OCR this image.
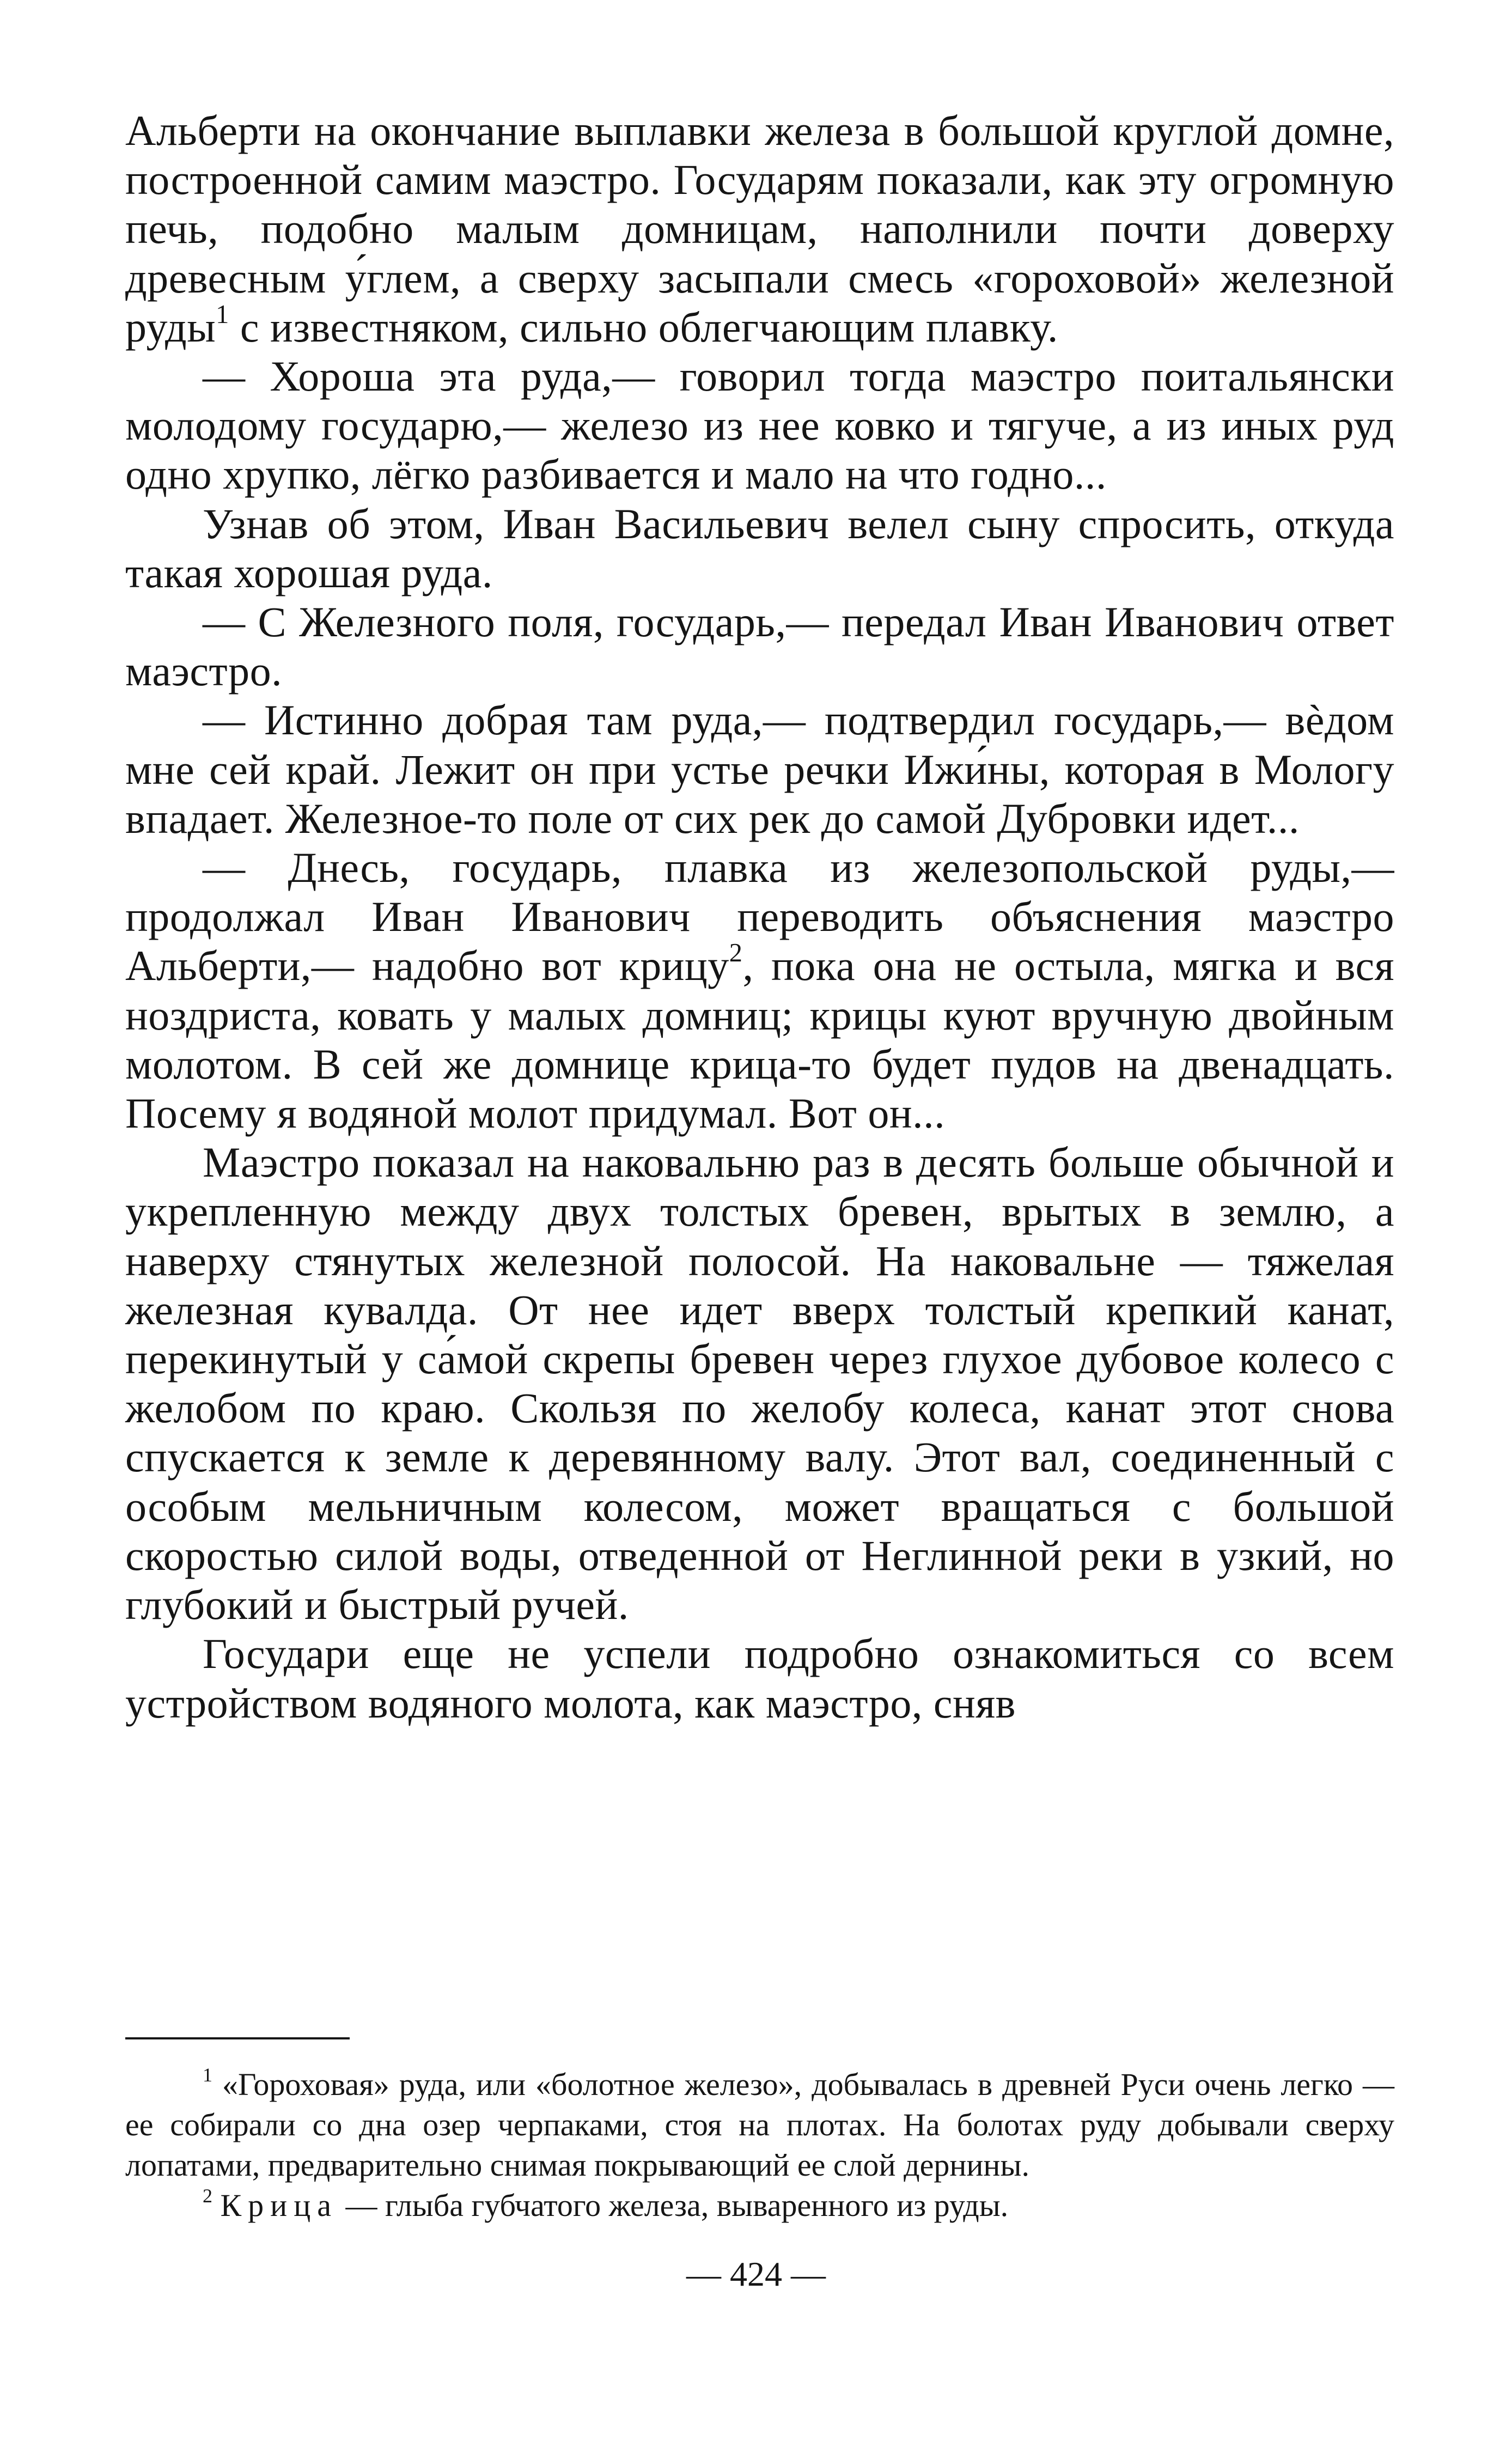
Альберти на окончание выплавки железа в большой круглой домне, построенной самим маэстро. Государям показали, как эту огромную печь, подобно малым домницам, наполнили почти доверху древесным у́глем, а сверху засыпали смесь «гороховой» железной руды$^1$ с известняком, сильно облегчающим плавку.

— Хороша эта руда,— говорил тогда маэстро поитальянски молодому государю,— железо из нее ковко и тягуче, а из иных руд одно хрупко, лёгко разбивается и мало на что годно...

Узнав об этом, Иван Васильевич велел сыну спросить, откуда такая хорошая руда.

— С Железного поля, государь,— передал Иван Иванович ответ маэстро.

— Истинно добрая там руда,— подтвердил государь,— вѐдом мне сей край. Лежит он при устье речки Ижи́ны, которая в Мологу впадает. Железное-то поле от сих рек до самой Дубровки идет...

— Днесь, государь, плавка из железопольской руды,— продолжал Иван Иванович переводить объяснения маэстро Альберти,— надобно вот крицу$^2$, пока она не остыла, мягка и вся ноздриста, ковать у малых домниц; крицы куют вручную двойным молотом. В сей же домнице крица-то будет пудов на двенадцать. Посему я водяной молот придумал. Вот он...

Маэстро показал на наковальню раз в десять больше обычной и укрепленную между двух толстых бревен, врытых в землю, а наверху стянутых железной полосой. На наковальне — тяжелая железная кувалда. От нее идет вверх толстый крепкий канат, перекинутый у са́мой скрепы бревен через глухое дубовое колесо с желобом по краю. Скользя по желобу колеса, канат этот снова спускается к земле к деревянному валу. Этот вал, соединенный с особым мельничным колесом, может вращаться с большой скоростью силой воды, отведенной от Неглинной реки в узкий, но глубокий и быстрый ручей.

Государи еще не успели подробно ознакомиться со всем устройством водяного молота, как маэстро, сняв

$^1$ «Гороховая» руда, или «болотное железо», добывалась в древней Руси очень легко — ее собирали со дна озер черпаками, стоя на плотах. На болотах руду добывали сверху лопатами, предварительно снимая покрывающий ее слой дернины.

$^2$ Крица — глыба губчатого железа, вываренного из руды.

— 424 —
